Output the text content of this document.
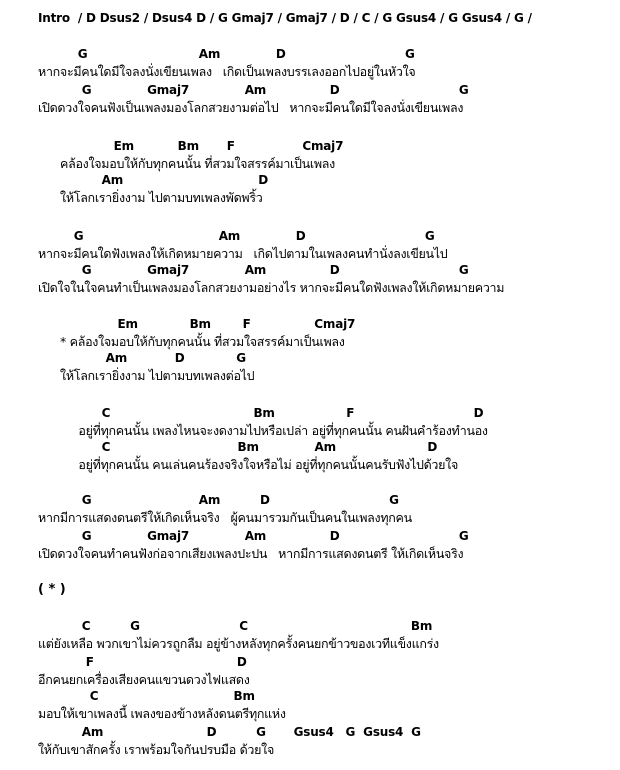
Intro  / D Dsus2 / Dsus4 D / G Gmaj7 / Gmaj7 / D / C / G Gsus4 / G Gsus4 / G /
G                            Am              D                              G
หากจะมีคนใดมีใจลงนั่งเขียนเพลง   เกิดเป็นเพลงบรรเลงออกไปอยู่ในหัวใจ
G              Gmaj7              Am                D                              G
เปิดดวงใจคนฟังเป็นเพลงมองโลกสวยงามต่อไป   หากจะมีคนใดมีใจลงนั่งเขียนเพลง
Em           Bm       F                 Cmaj7
คล้องใจมอบให้กับทุกคนนั้น ที่สวมใจสรรค์มาเป็นเพลง
Am                                  D
ให้โลกเรายิ่งงาม ไปตามบทเพลงพัดพริ้ว
G                                  Am              D                              G
หากจะมีคนใดฟังเพลงให้เกิดหมายความ   เกิดไปตามในเพลงคนทำนั่งลงเขียนไป
G              Gmaj7              Am                D                              G
เปิดใจในใจคนทำเป็นเพลงมองโลกสวยงามอย่างไร หากจะมีคนใดฟังเพลงให้เกิดหมายความ
Em             Bm        F                Cmaj7
* คล้องใจมอบให้กับทุกคนนั้น ที่สวมใจสรรค์มาเป็นเพลง
Am            D             G
ให้โลกเรายิ่งงาม ไปตามบทเพลงต่อไป
C                                    Bm                  F                              D
อยู่ที่ทุกคนนั้น เพลงไหนจะงดงามไปหรือเปล่า อยู่ที่ทุกคนนั้น คนฝันคำร้องทำนอง
C                                Bm              Am                       D
อยู่ที่ทุกคนนั้น คนเล่นคนร้องจริงใจหรือไม่ อยู่ที่ทุกคนนั้นคนรับฟังไปด้วยใจ
G                           Am          D                              G
หากมีการแสดงดนตรีให้เกิดเห็นจริง   ผู้คนมารวมกันเป็นคนในเพลงทุกคน
G              Gmaj7              Am                D                              G
เปิดดวงใจคนทำคนฟังก่อจากเสียงเพลงปะปน   หากมีการแสดงดนตรี ให้เกิดเห็นจริง
( * )
C          G                         C                                         Bm
แต่ยังเหลือ พวกเขาไม่ควรถูกลืม อยู่ข้างหลังทุกครั้งคนยกข้าวของเวทีแข็งแกร่ง
F                                    D
อีกคนยกเครื่องเสียงคนแขวนดวงไฟแสดง
C                                  Bm
มอบให้เขาเพลงนี้ เพลงของข้างหลังดนตรีทุกแห่ง
Am                          D          G       Gsus4   G  Gsus4  G
ให้กับเขาสักครั้ง เราพร้อมใจกันปรบมือ ด้วยใจ
